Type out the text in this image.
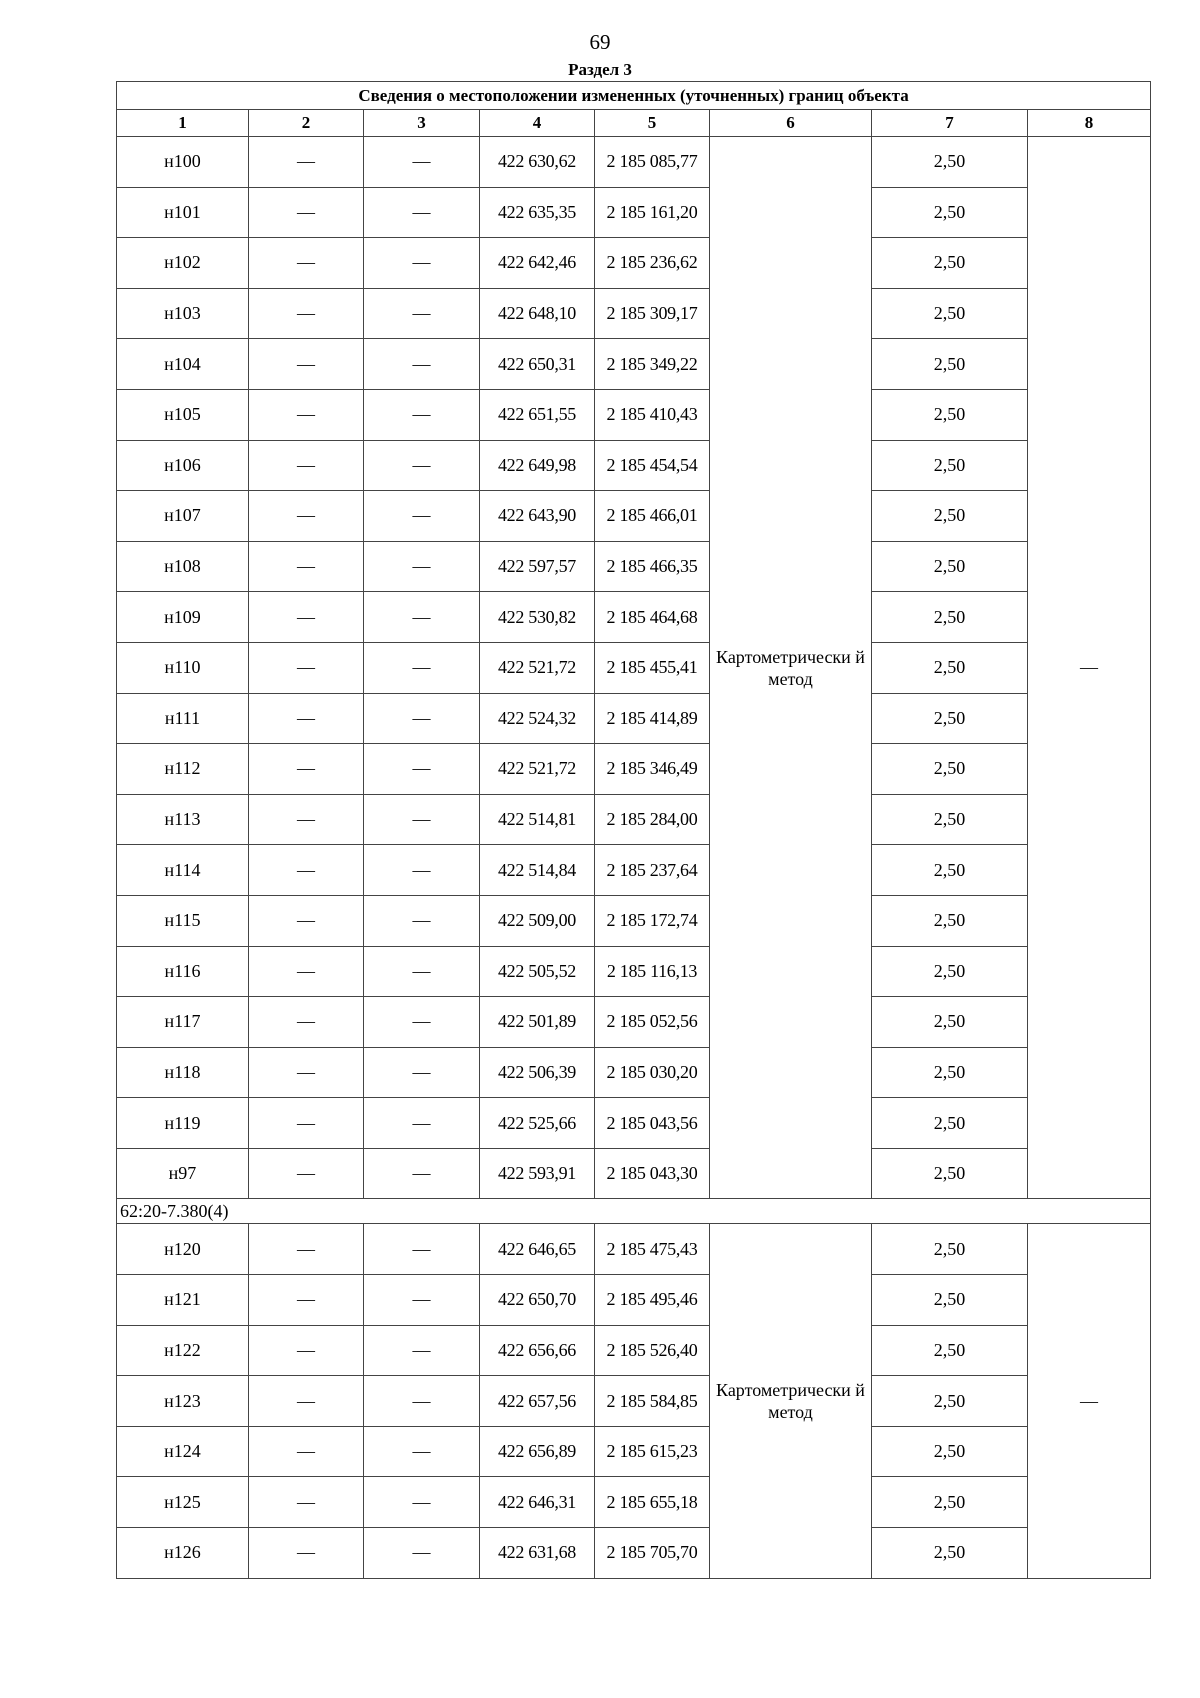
69
Раздел 3
Сведения о местоположении измененных (уточненных) границ объекта							
1	2	3	4	5	6	7	8
н100	—	—	422 630,62	2 185 085,77	Картометрически й метод	2,50	—
н101	—	—	422 635,35	2 185 161,20		2,50	
н102	—	—	422 642,46	2 185 236,62		2,50	
н103	—	—	422 648,10	2 185 309,17		2,50	
н104	—	—	422 650,31	2 185 349,22		2,50	
н105	—	—	422 651,55	2 185 410,43		2,50	
н106	—	—	422 649,98	2 185 454,54		2,50	
н107	—	—	422 643,90	2 185 466,01		2,50	
н108	—	—	422 597,57	2 185 466,35		2,50	
н109	—	—	422 530,82	2 185 464,68		2,50	
н110	—	—	422 521,72	2 185 455,41		2,50	
н111	—	—	422 524,32	2 185 414,89		2,50	
н112	—	—	422 521,72	2 185 346,49		2,50	
н113	—	—	422 514,81	2 185 284,00		2,50	
н114	—	—	422 514,84	2 185 237,64		2,50	
н115	—	—	422 509,00	2 185 172,74		2,50	
н116	—	—	422 505,52	2 185 116,13		2,50	
н117	—	—	422 501,89	2 185 052,56		2,50	
н118	—	—	422 506,39	2 185 030,20		2,50	
н119	—	—	422 525,66	2 185 043,56		2,50	
н97	—	—	422 593,91	2 185 043,30		2,50	
62:20-7.380(4)							
н120	—	—	422 646,65	2 185 475,43	Картометрически й метод	2,50	—
н121	—	—	422 650,70	2 185 495,46		2,50	
н122	—	—	422 656,66	2 185 526,40		2,50	
н123	—	—	422 657,56	2 185 584,85		2,50	
н124	—	—	422 656,89	2 185 615,23		2,50	
н125	—	—	422 646,31	2 185 655,18		2,50	
н126	—	—	422 631,68	2 185 705,70		2,50	
